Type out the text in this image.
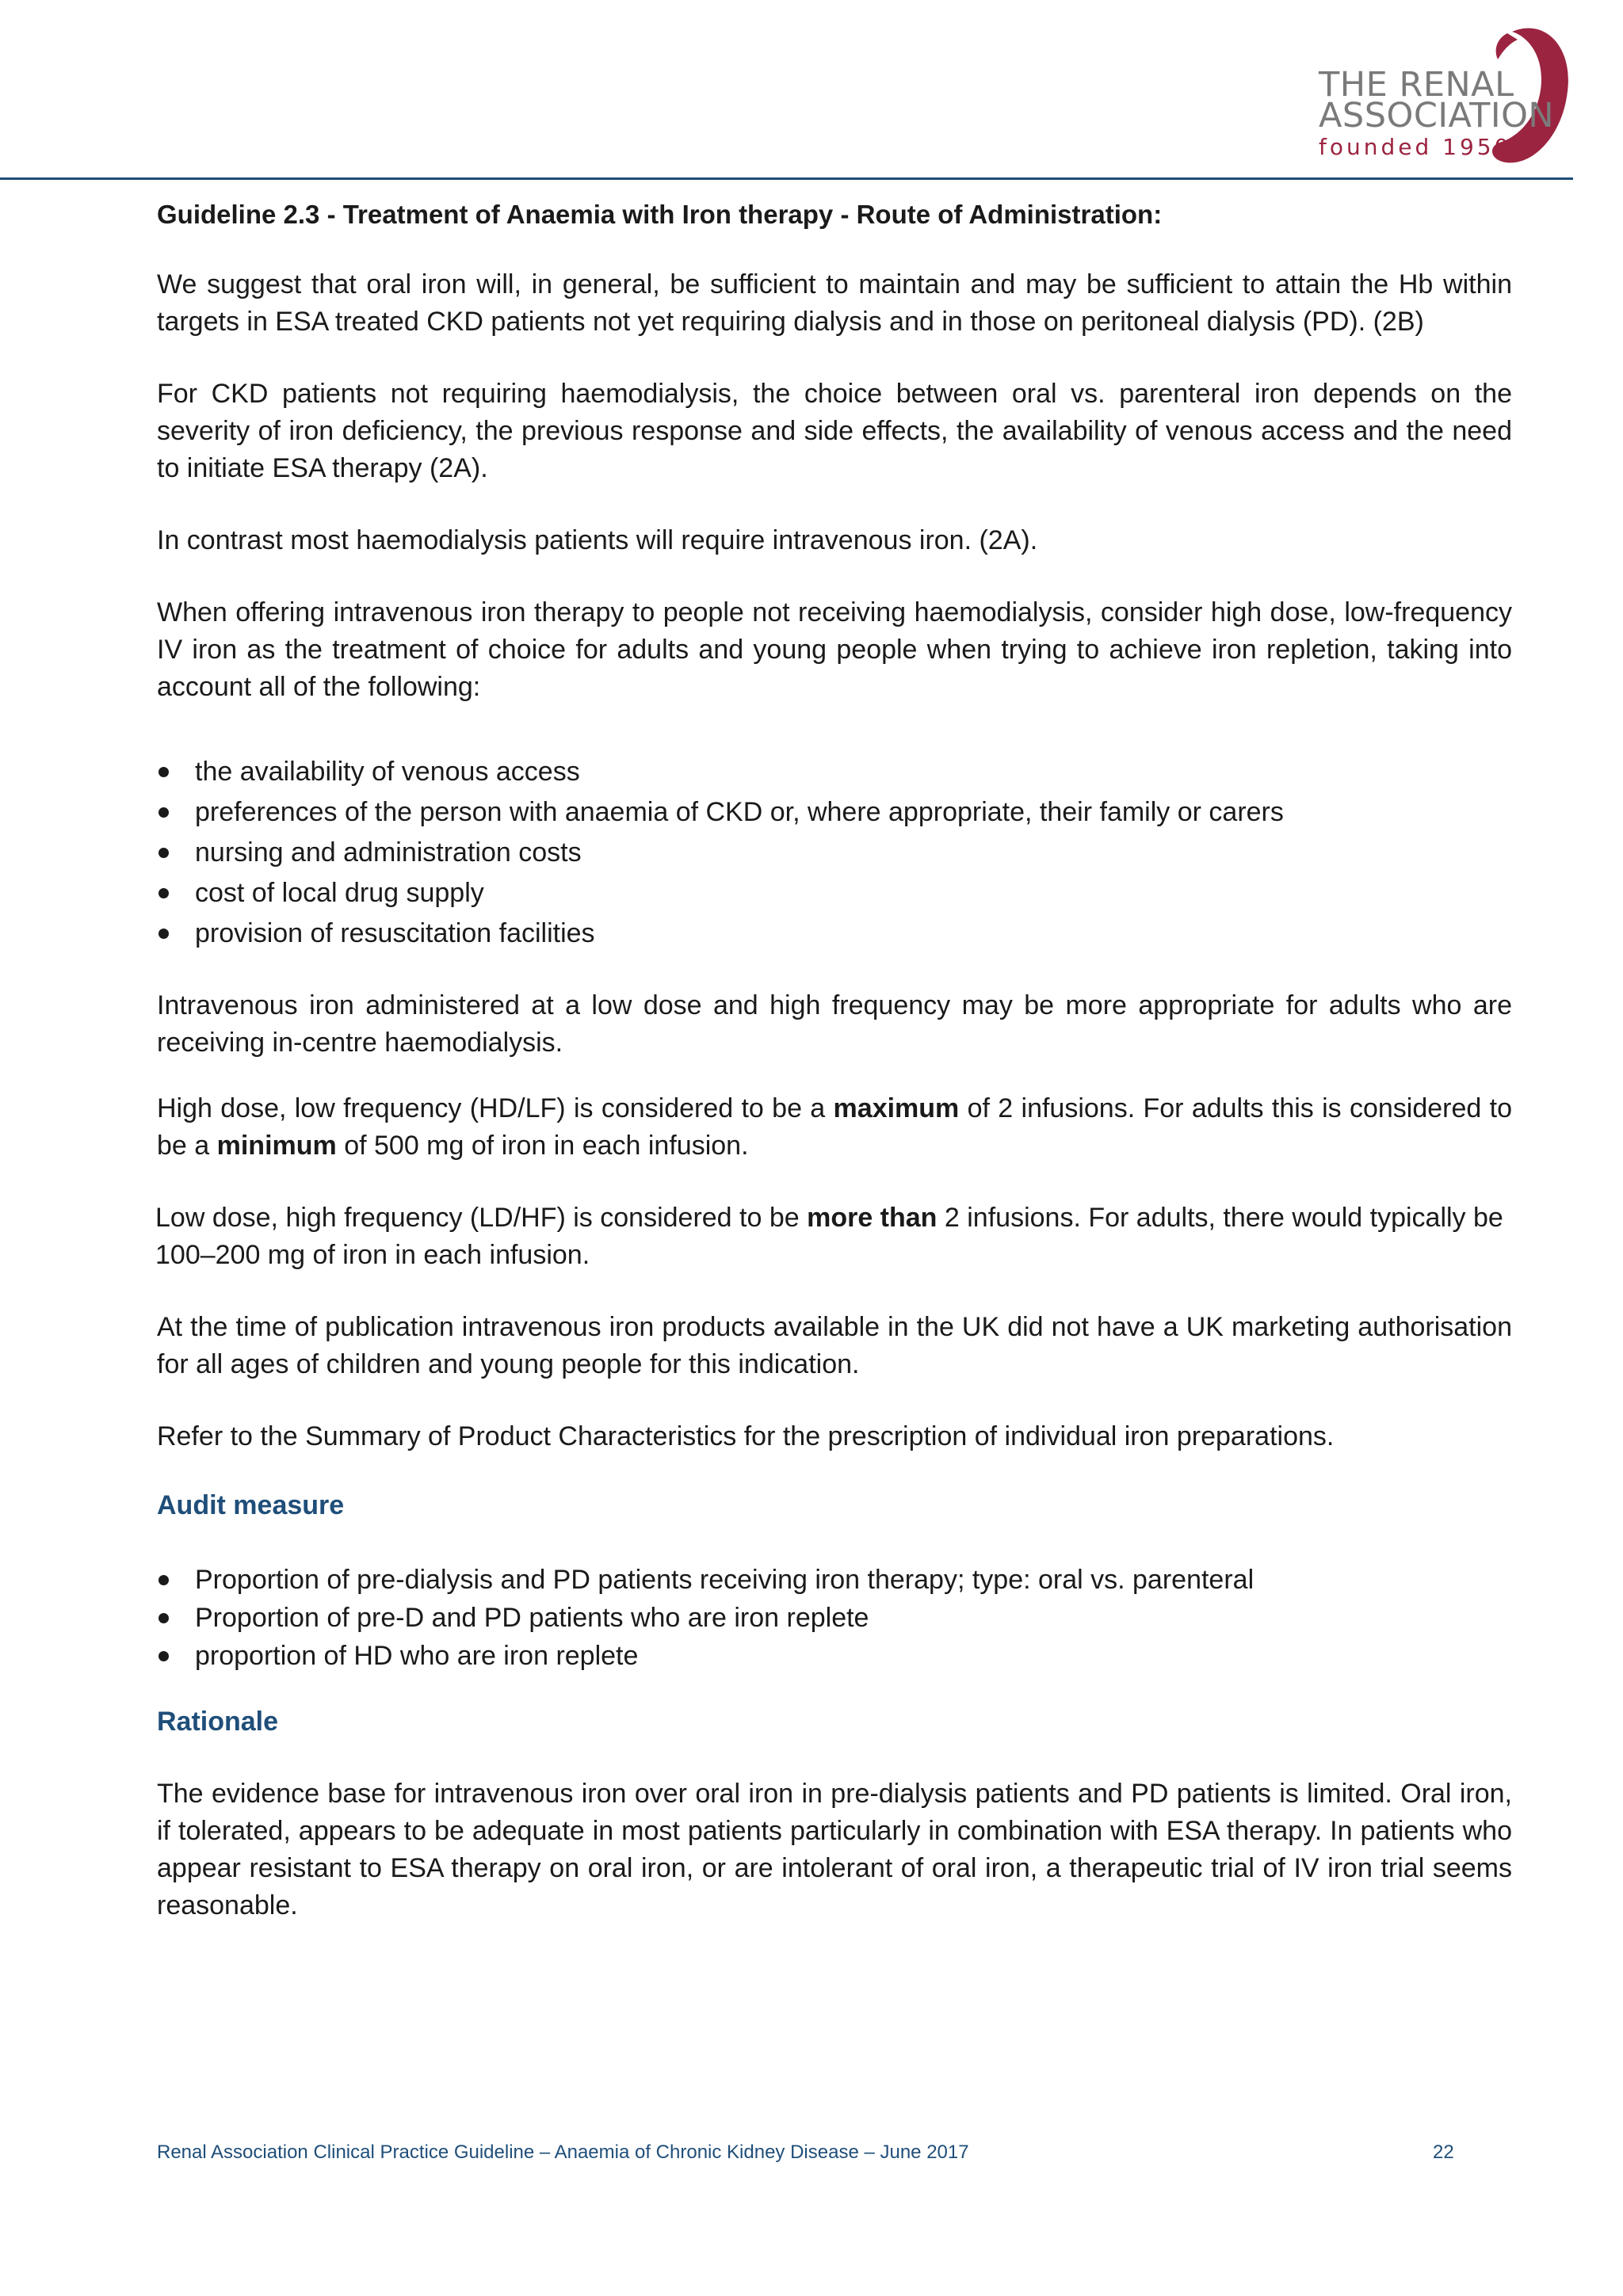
THE RENAL
ASSOCIATION
founded 1950
Guideline 2.3 - Treatment of Anaemia with Iron therapy - Route of Administration:

We suggest that oral iron will, in general, be sufficient to maintain and may be sufficient to attain the Hb within targets in ESA treated CKD patients not yet requiring dialysis and in those on peritoneal dialysis (PD). (2B)

For CKD patients not requiring haemodialysis, the choice between oral vs. parenteral iron depends on the severity of iron deficiency, the previous response and side effects, the availability of venous access and the need to initiate ESA therapy (2A).

In contrast most haemodialysis patients will require intravenous iron. (2A).

When offering intravenous iron therapy to people not receiving haemodialysis, consider high dose, low-frequency IV iron as the treatment of choice for adults and young people when trying to achieve iron repletion, taking into account all of the following:

the availability of venous access
preferences of the person with anaemia of CKD or, where appropriate, their family or carers
nursing and administration costs
cost of local drug supply
provision of resuscitation facilities

Intravenous iron administered at a low dose and high frequency may be more appropriate for adults who are receiving in-centre haemodialysis.

High dose, low frequency (HD/LF) is considered to be a maximum of 2 infusions. For adults this is considered to be a minimum of 500 mg of iron in each infusion.

Low dose, high frequency (LD/HF) is considered to be more than 2 infusions. For adults, there would typically be 100–200 mg of iron in each infusion.

At the time of publication intravenous iron products available in the UK did not have a UK marketing authorisation for all ages of children and young people for this indication.

Refer to the Summary of Product Characteristics for the prescription of individual iron preparations.

Audit measure
Proportion of pre-dialysis and PD patients receiving iron therapy; type: oral vs. parenteral
Proportion of pre-D and PD patients who are iron replete
proportion of HD who are iron replete
Rationale

The evidence base for intravenous iron over oral iron in pre-dialysis patients and PD patients is limited. Oral iron, if tolerated, appears to be adequate in most patients particularly in combination with ESA therapy. In patients who appear resistant to ESA therapy on oral iron, or are intolerant of oral iron, a therapeutic trial of IV iron trial seems reasonable.

Renal Association Clinical Practice Guideline – Anaemia of Chronic Kidney Disease – June 2017	22
